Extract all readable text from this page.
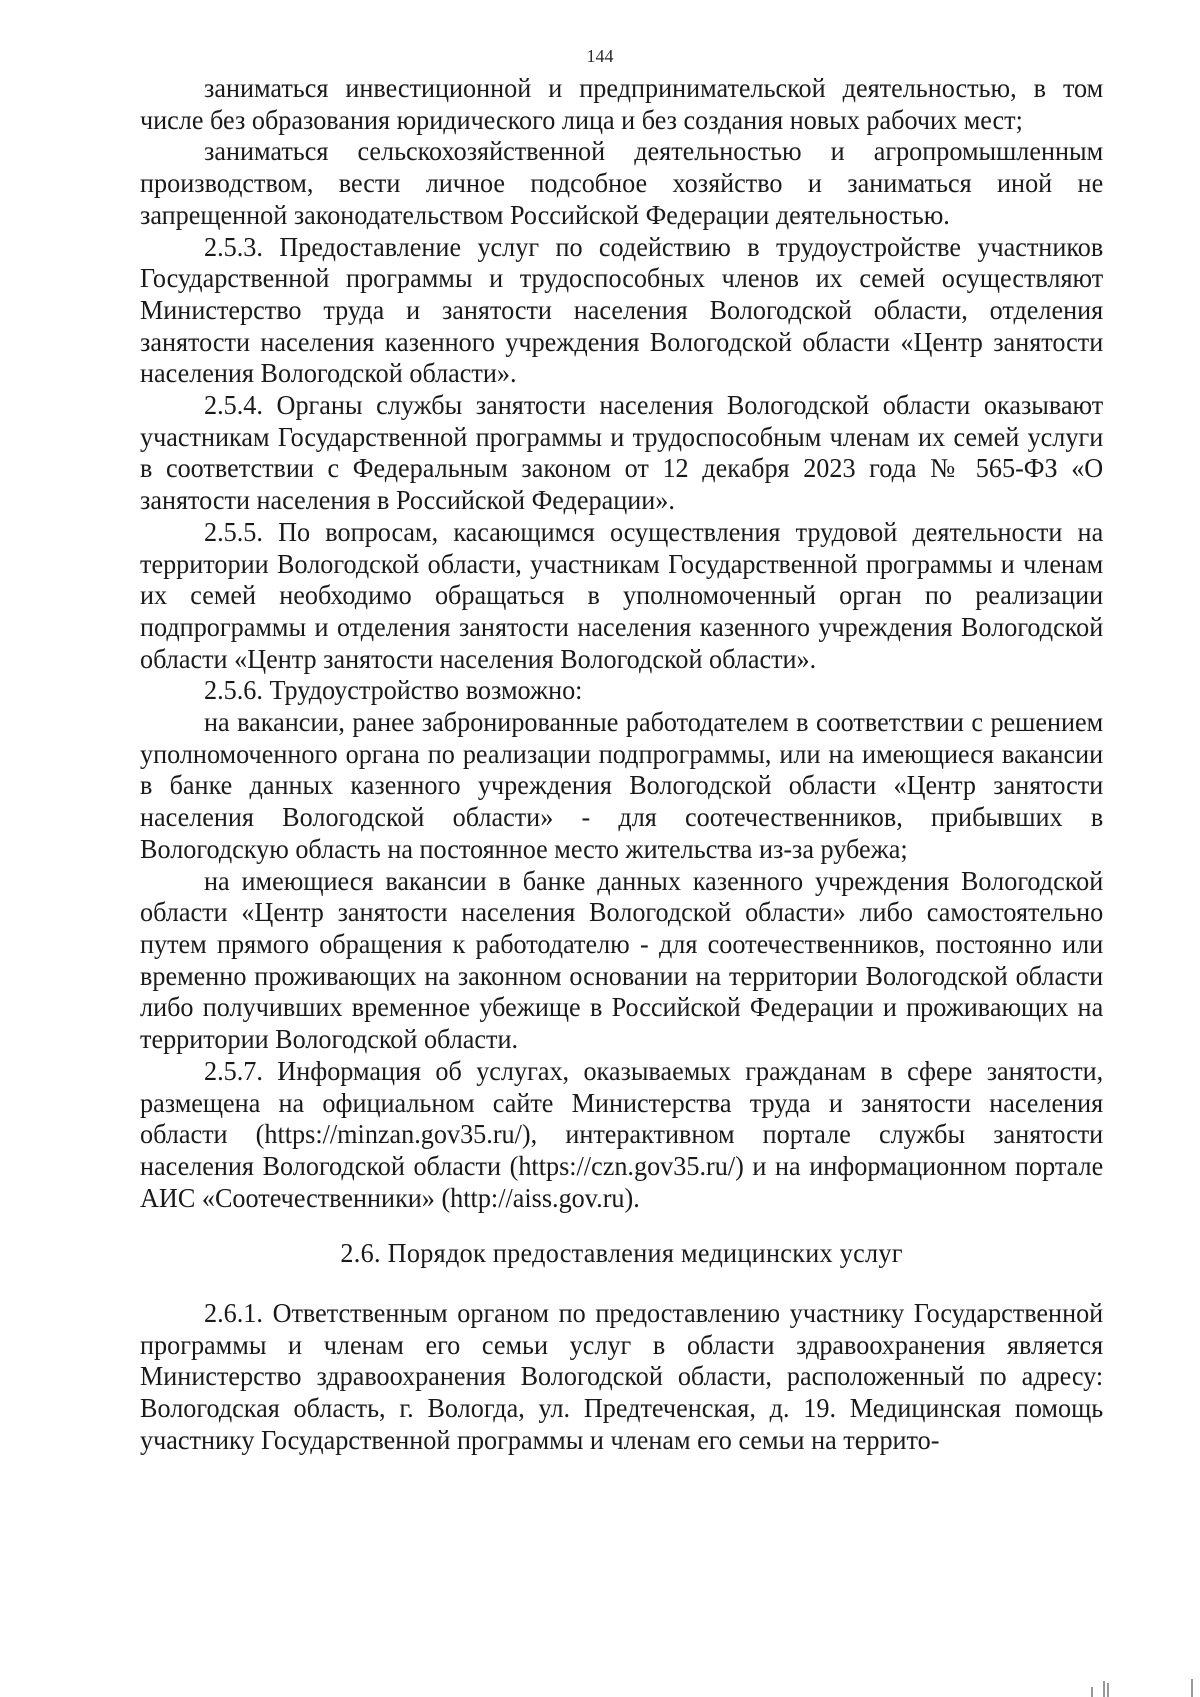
144

заниматься инвестиционной и предпринимательской деятельностью, в том числе без образования юридического лица и без создания новых рабочих мест;

заниматься сельскохозяйственной деятельностью и агропромышленным производством, вести личное подсобное хозяйство и заниматься иной не запрещенной законодательством Российской Федерации деятельностью.

2.5.3. Предоставление услуг по содействию в трудоустройстве участников Государственной программы и трудоспособных членов их семей осуществляют Министерство труда и занятости населения Вологодской области, отделения занятости населения казенного учреждения Вологодской области «Центр занятости населения Вологодской области».

2.5.4. Органы службы занятости населения Вологодской области оказывают участникам Государственной программы и трудоспособным членам их семей услуги в соответствии с Федеральным законом от 12 декабря 2023 года № 565-ФЗ «О занятости населения в Российской Федерации».

2.5.5. По вопросам, касающимся осуществления трудовой деятельности на территории Вологодской области, участникам Государственной программы и членам их семей необходимо обращаться в уполномоченный орган по реализации подпрограммы и отделения занятости населения казенного учреждения Вологодской области «Центр занятости населения Вологодской области».

2.5.6. Трудоустройство возможно:

на вакансии, ранее забронированные работодателем в соответствии с решением уполномоченного органа по реализации подпрограммы, или на имеющиеся вакансии в банке данных казенного учреждения Вологодской области «Центр занятости населения Вологодской области» - для соотечественников, прибывших в Вологодскую область на постоянное место жительства из-за рубежа;

на имеющиеся вакансии в банке данных казенного учреждения Вологодской области «Центр занятости населения Вологодской области» либо самостоятельно путем прямого обращения к работодателю - для соотечественников, постоянно или временно проживающих на законном основании на территории Вологодской области либо получивших временное убежище в Российской Федерации и проживающих на территории Вологодской области.

2.5.7. Информация об услугах, оказываемых гражданам в сфере занятости, размещена на официальном сайте Министерства труда и занятости населения области (https://minzan.gov35.ru/), интерактивном портале службы занятости населения Вологодской области (https://czn.gov35.ru/) и на информационном портале АИС «Соотечественники» (http://aiss.gov.ru).

2.6. Порядок предоставления медицинских услуг

2.6.1. Ответственным органом по предоставлению участнику Государственной программы и членам его семьи услуг в области здравоохранения является Министерство здравоохранения Вологодской области, расположенный по адресу: Вологодская область, г. Вологда, ул. Предтеченская, д. 19. Медицинская помощь участнику Государственной программы и членам его семьи на террито-
